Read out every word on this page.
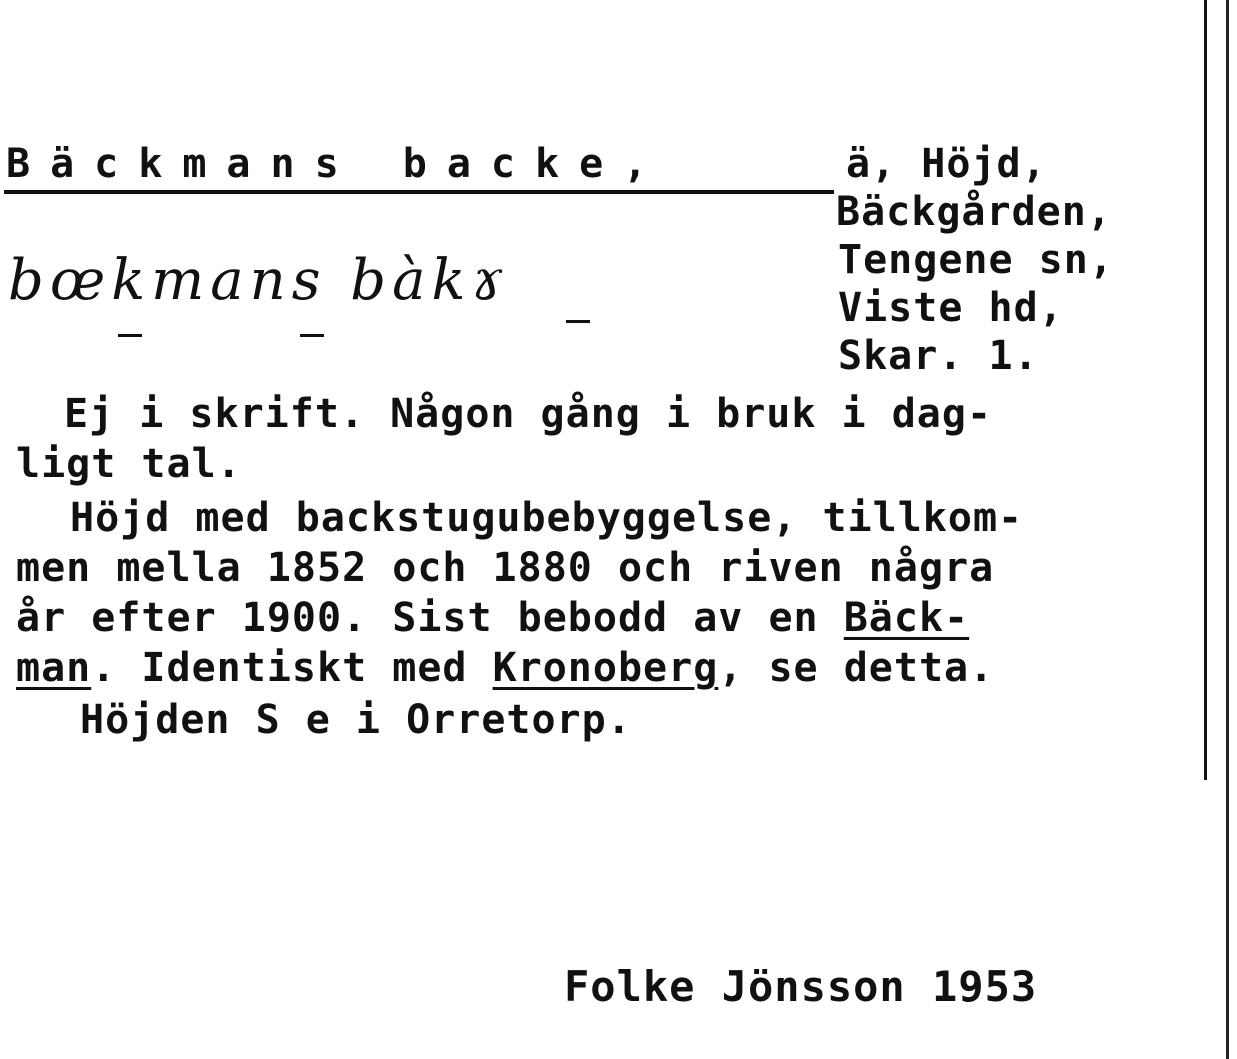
Bäckmans backe,	ä, Höjd,
Bäckgården,
Tengene sn,
Viste hd,
Skar. 1.
bœkmans bàkɤ
Ej i skrift. Någon gång i bruk i dag-
ligt tal.
Höjd med backstugubebyggelse, tillkom-
men mella 1852 och 1880 och riven några
år efter 1900. Sist bebodd av en Bäck-
man. Identiskt med Kronoberg, se detta.
Höjden S e i Orretorp.
Folke Jönsson 1953
